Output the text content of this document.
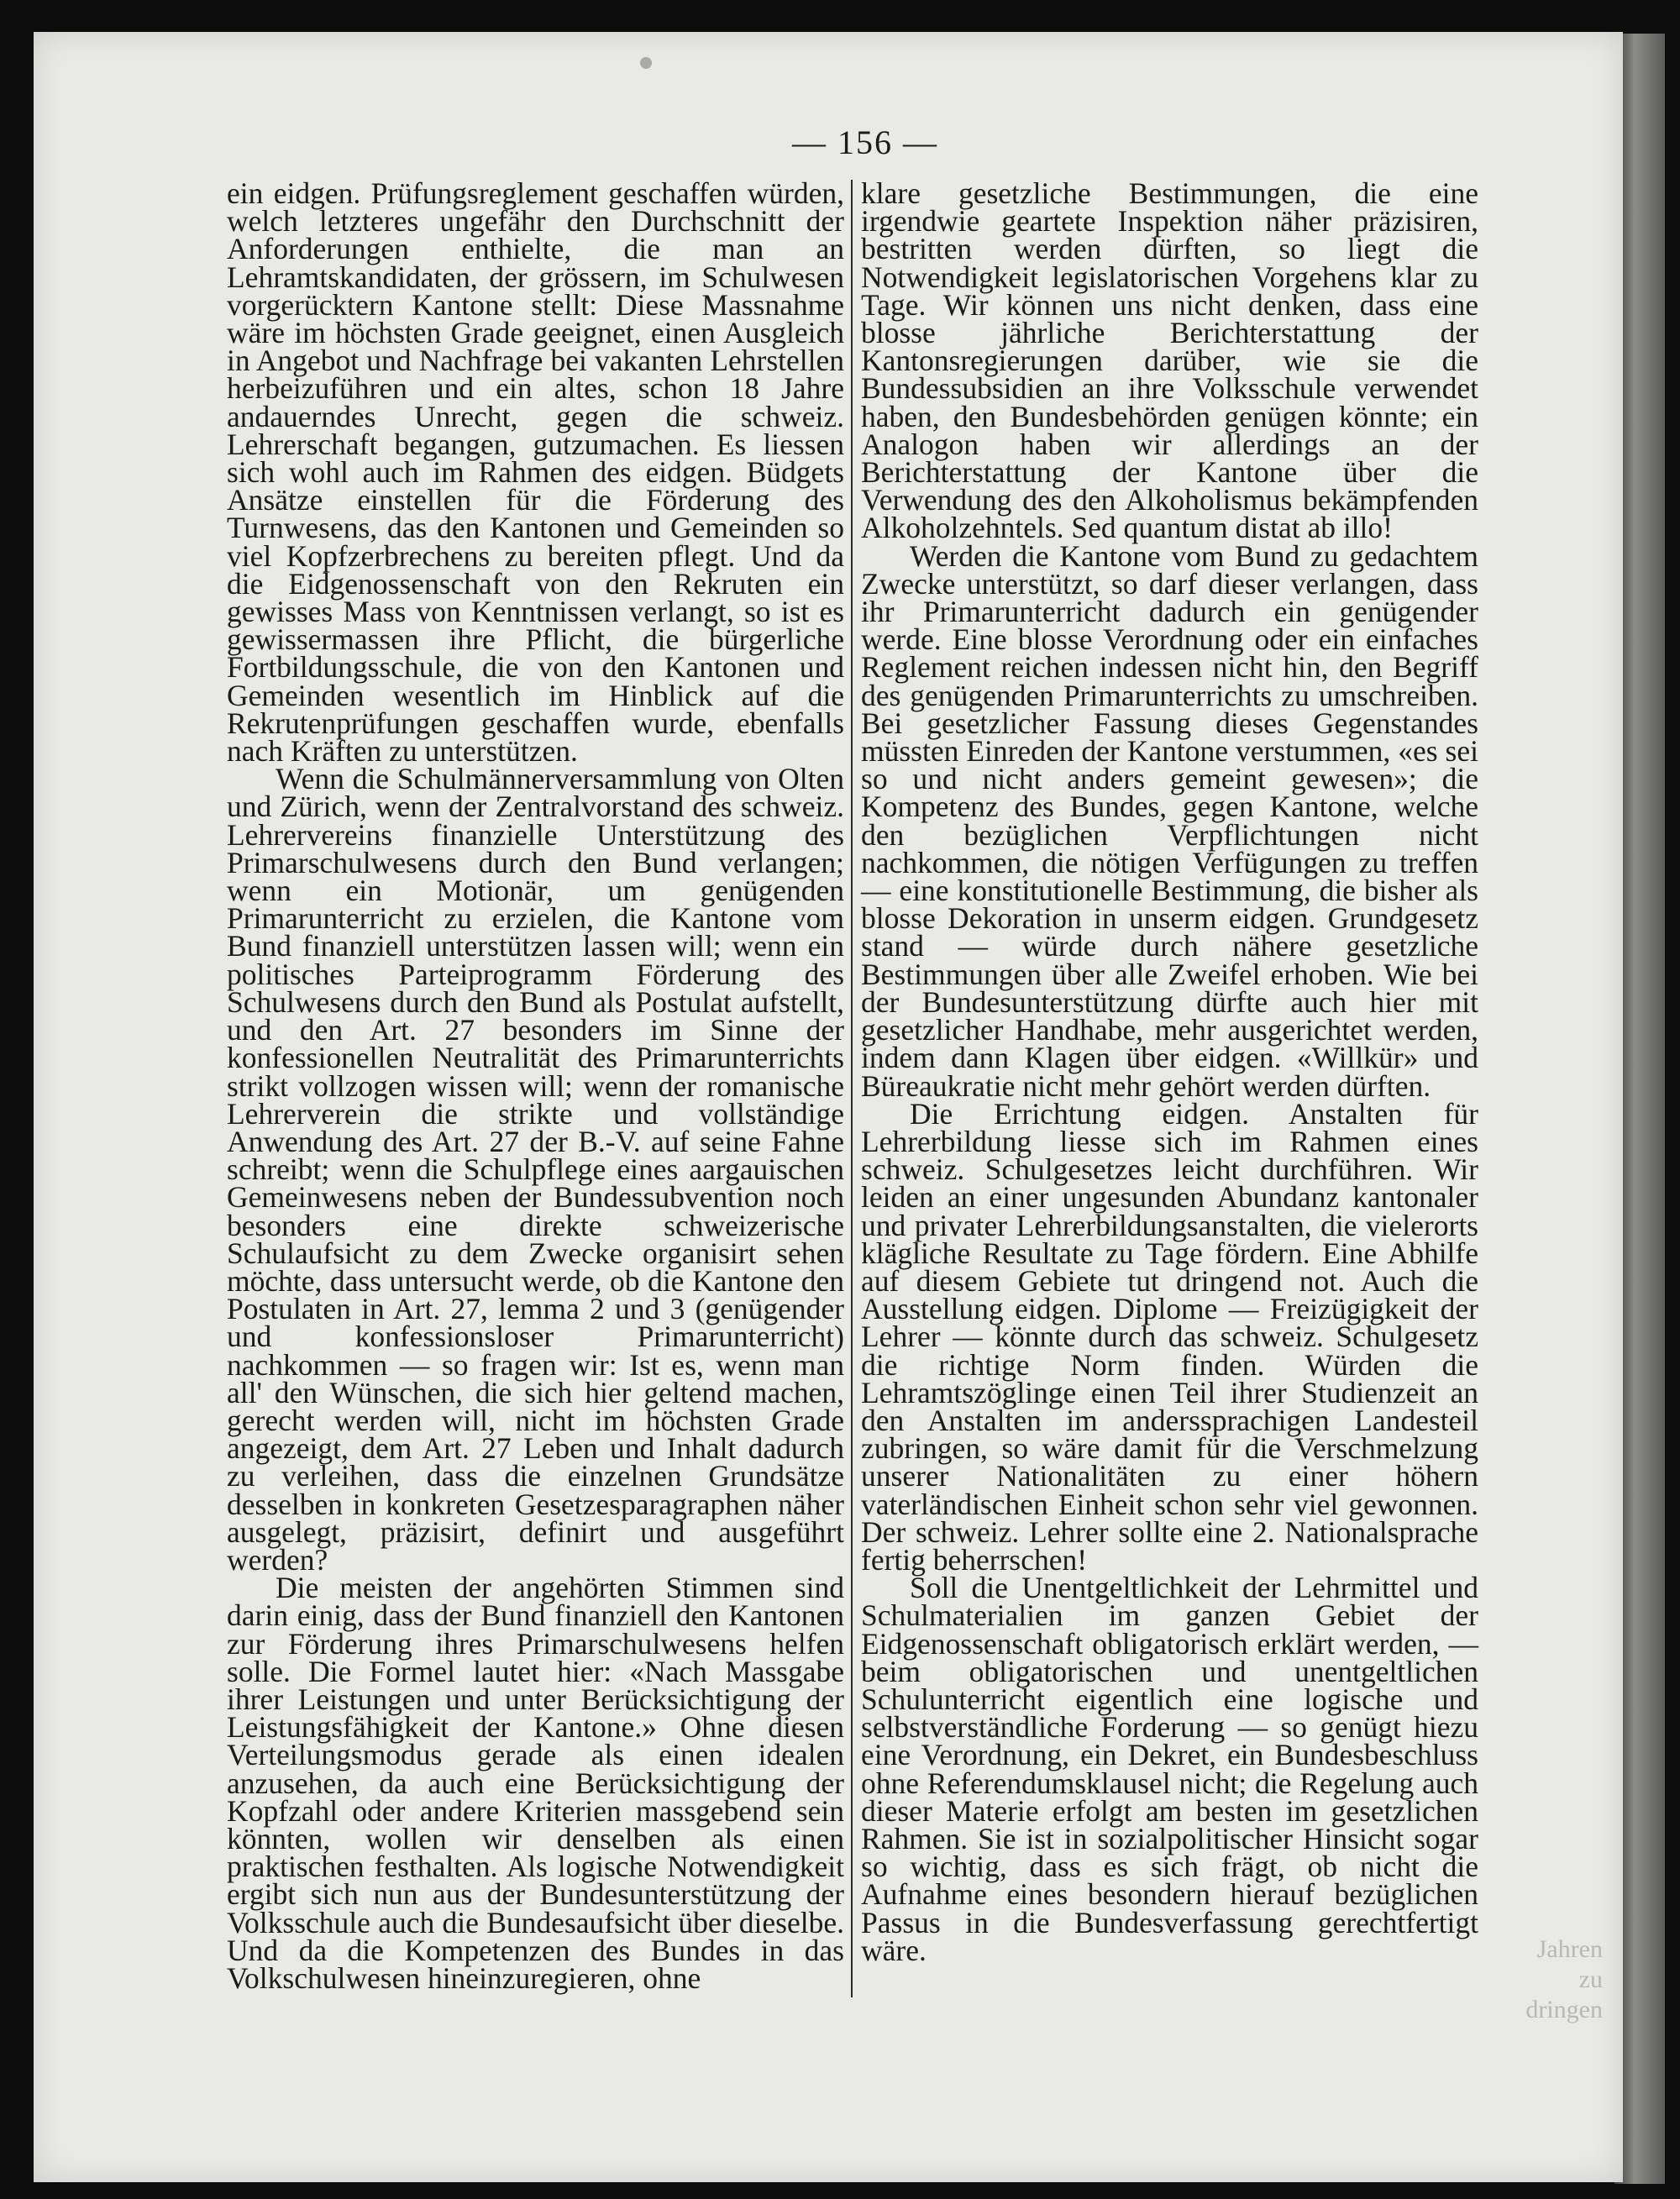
— 156 —

ein eidgen. Prüfungsreglement geschaffen würden, welch letzteres ungefähr den Durchschnitt der Anforderungen enthielte, die man an Lehramtskandidaten, der grössern, im Schulwesen vorgerücktern Kantone stellt: Diese Massnahme wäre im höchsten Grade geeignet, einen Ausgleich in Angebot und Nachfrage bei vakanten Lehrstellen herbeizuführen und ein altes, schon 18 Jahre andauerndes Unrecht, gegen die schweiz. Lehrerschaft begangen, gutzumachen. Es liessen sich wohl auch im Rahmen des eidgen. Büdgets Ansätze einstellen für die Förderung des Turnwesens, das den Kantonen und Gemeinden so viel Kopfzerbrechens zu bereiten pflegt. Und da die Eidgenossenschaft von den Rekruten ein gewisses Mass von Kenntnissen verlangt, so ist es gewissermassen ihre Pflicht, die bürgerliche Fortbildungsschule, die von den Kantonen und Gemeinden wesentlich im Hinblick auf die Rekrutenprüfungen geschaffen wurde, ebenfalls nach Kräften zu unterstützen.

Wenn die Schulmännerversammlung von Olten und Zürich, wenn der Zentralvorstand des schweiz. Lehrervereins finanzielle Unterstützung des Primarschulwesens durch den Bund verlangen; wenn ein Motionär, um genügenden Primarunterricht zu erzielen, die Kantone vom Bund finanziell unterstützen lassen will; wenn ein politisches Parteiprogramm Förderung des Schulwesens durch den Bund als Postulat aufstellt, und den Art. 27 besonders im Sinne der konfessionellen Neutralität des Primarunterrichts strikt vollzogen wissen will; wenn der romanische Lehrerverein die strikte und vollständige Anwendung des Art. 27 der B.-V. auf seine Fahne schreibt; wenn die Schulpflege eines aargauischen Gemeinwesens neben der Bundessubvention noch besonders eine direkte schweizerische Schulaufsicht zu dem Zwecke organisirt sehen möchte, dass untersucht werde, ob die Kantone den Postulaten in Art. 27, lemma 2 und 3 (genügender und konfessionsloser Primarunterricht) nachkommen — so fragen wir: Ist es, wenn man all' den Wünschen, die sich hier geltend machen, gerecht werden will, nicht im höchsten Grade angezeigt, dem Art. 27 Leben und Inhalt dadurch zu verleihen, dass die einzelnen Grundsätze desselben in konkreten Gesetzesparagraphen näher ausgelegt, präzisirt, definirt und ausgeführt werden?

Die meisten der angehörten Stimmen sind darin einig, dass der Bund finanziell den Kantonen zur Förderung ihres Primarschulwesens helfen solle. Die Formel lautet hier: «Nach Massgabe ihrer Leistungen und unter Berücksichtigung der Leistungsfähigkeit der Kantone.» Ohne diesen Verteilungsmodus gerade als einen idealen anzusehen, da auch eine Berücksichtigung der Kopfzahl oder andere Kriterien massgebend sein könnten, wollen wir denselben als einen praktischen festhalten. Als logische Notwendigkeit ergibt sich nun aus der Bundesunterstützung der Volksschule auch die Bundesaufsicht über dieselbe. Und da die Kompetenzen des Bundes in das Volkschulwesen hineinzuregieren, ohne

klare gesetzliche Bestimmungen, die eine irgendwie geartete Inspektion näher präzisiren, bestritten werden dürften, so liegt die Notwendigkeit legislatorischen Vorgehens klar zu Tage. Wir können uns nicht denken, dass eine blosse jährliche Berichterstattung der Kantonsregierungen darüber, wie sie die Bundessubsidien an ihre Volksschule verwendet haben, den Bundesbehörden genügen könnte; ein Analogon haben wir allerdings an der Berichterstattung der Kantone über die Verwendung des den Alkoholismus bekämpfenden Alkoholzehntels. Sed quantum distat ab illo!

Werden die Kantone vom Bund zu gedachtem Zwecke unterstützt, so darf dieser verlangen, dass ihr Primarunterricht dadurch ein genügender werde. Eine blosse Verordnung oder ein einfaches Reglement reichen indessen nicht hin, den Begriff des genügenden Primarunterrichts zu umschreiben. Bei gesetzlicher Fassung dieses Gegenstandes müssten Einreden der Kantone verstummen, «es sei so und nicht anders gemeint gewesen»; die Kompetenz des Bundes, gegen Kantone, welche den bezüglichen Verpflichtungen nicht nachkommen, die nötigen Verfügungen zu treffen — eine konstitutionelle Bestimmung, die bisher als blosse Dekoration in unserm eidgen. Grundgesetz stand — würde durch nähere gesetzliche Bestimmungen über alle Zweifel erhoben. Wie bei der Bundesunterstützung dürfte auch hier mit gesetzlicher Handhabe, mehr ausgerichtet werden, indem dann Klagen über eidgen. «Willkür» und Büreaukratie nicht mehr gehört werden dürften.

Die Errichtung eidgen. Anstalten für Lehrerbildung liesse sich im Rahmen eines schweiz. Schulgesetzes leicht durchführen. Wir leiden an einer ungesunden Abundanz kantonaler und privater Lehrerbildungsanstalten, die vielerorts klägliche Resultate zu Tage fördern. Eine Abhilfe auf diesem Gebiete tut dringend not. Auch die Ausstellung eidgen. Diplome — Freizügigkeit der Lehrer — könnte durch das schweiz. Schulgesetz die richtige Norm finden. Würden die Lehramtszöglinge einen Teil ihrer Studienzeit an den Anstalten im anderssprachigen Landesteil zubringen, so wäre damit für die Verschmelzung unserer Nationalitäten zu einer höhern vaterländischen Einheit schon sehr viel gewonnen. Der schweiz. Lehrer sollte eine 2. Nationalsprache fertig beherrschen!

Soll die Unentgeltlichkeit der Lehrmittel und Schulmaterialien im ganzen Gebiet der Eidgenossenschaft obligatorisch erklärt werden, — beim obligatorischen und unentgeltlichen Schulunterricht eigentlich eine logische und selbstverständliche Forderung — so genügt hiezu eine Verordnung, ein Dekret, ein Bundesbeschluss ohne Referendumsklausel nicht; die Regelung auch dieser Materie erfolgt am besten im gesetzlichen Rahmen. Sie ist in sozialpolitischer Hinsicht sogar so wichtig, dass es sich frägt, ob nicht die Aufnahme eines besondern hierauf bezüglichen Passus in die Bundesverfassung gerechtfertigt wäre.	Jahren
zu dringen
